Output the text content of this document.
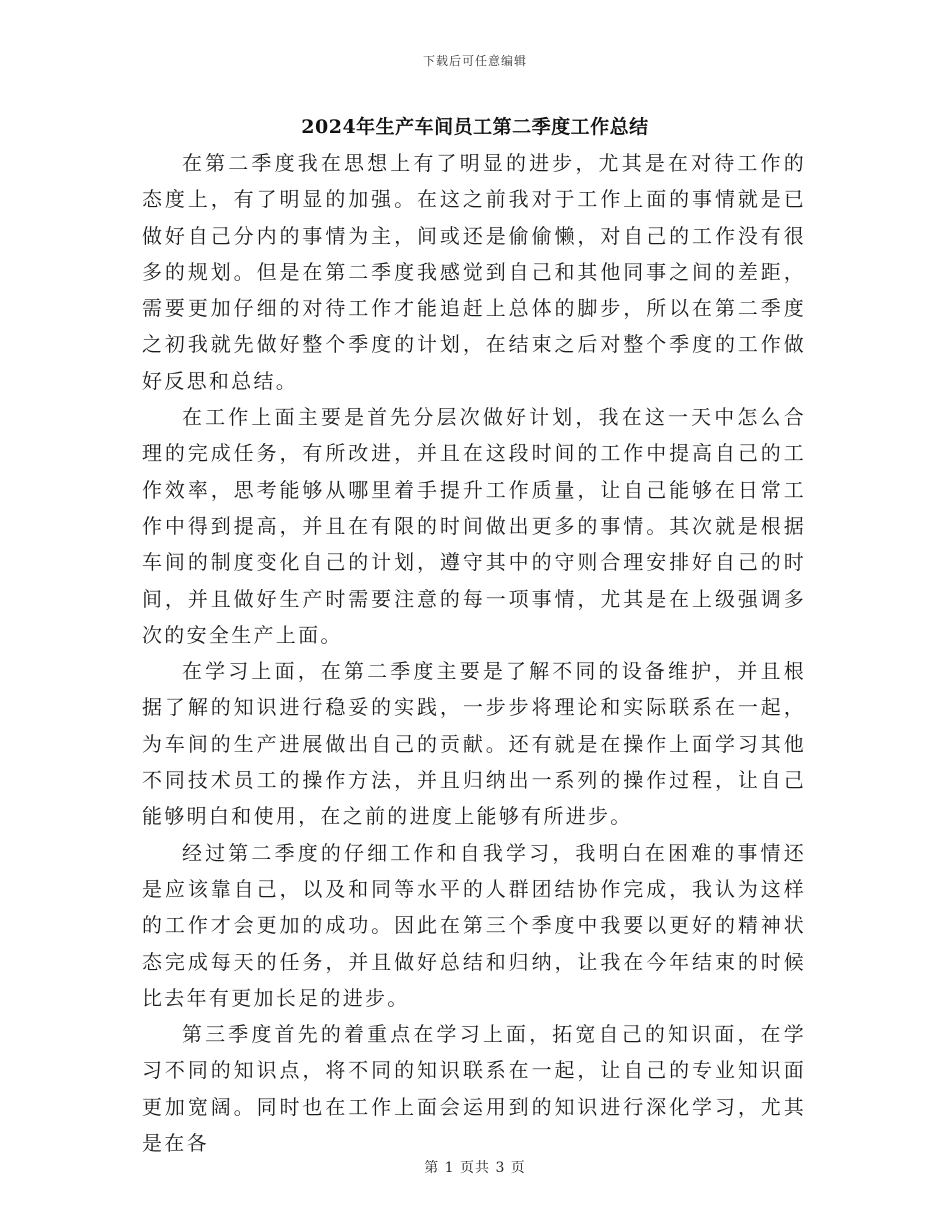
下载后可任意编辑
2024年生产车间员工第二季度工作总结

在第二季度我在思想上有了明显的进步，尤其是在对待工作的态度上，有了明显的加强。在这之前我对于工作上面的事情就是已做好自己分内的事情为主，间或还是偷偷懒，对自己的工作没有很多的规划。但是在第二季度我感觉到自己和其他同事之间的差距，需要更加仔细的对待工作才能追赶上总体的脚步，所以在第二季度之初我就先做好整个季度的计划，在结束之后对整个季度的工作做好反思和总结。

在工作上面主要是首先分层次做好计划，我在这一天中怎么合理的完成任务，有所改进，并且在这段时间的工作中提高自己的工作效率，思考能够从哪里着手提升工作质量，让自己能够在日常工作中得到提高，并且在有限的时间做出更多的事情。其次就是根据车间的制度变化自己的计划，遵守其中的守则合理安排好自己的时间，并且做好生产时需要注意的每一项事情，尤其是在上级强调多次的安全生产上面。

在学习上面，在第二季度主要是了解不同的设备维护，并且根据了解的知识进行稳妥的实践，一步步将理论和实际联系在一起，为车间的生产进展做出自己的贡献。还有就是在操作上面学习其他不同技术员工的操作方法，并且归纳出一系列的操作过程，让自己能够明白和使用，在之前的进度上能够有所进步。

经过第二季度的仔细工作和自我学习，我明白在困难的事情还是应该靠自己，以及和同等水平的人群团结协作完成，我认为这样的工作才会更加的成功。因此在第三个季度中我要以更好的精神状态完成每天的任务，并且做好总结和归纳，让我在今年结束的时候比去年有更加长足的进步。

第三季度首先的着重点在学习上面，拓宽自己的知识面，在学习不同的知识点，将不同的知识联系在一起，让自己的专业知识面更加宽阔。同时也在工作上面会运用到的知识进行深化学习，尤其是在各

第 1 页共 3 页
